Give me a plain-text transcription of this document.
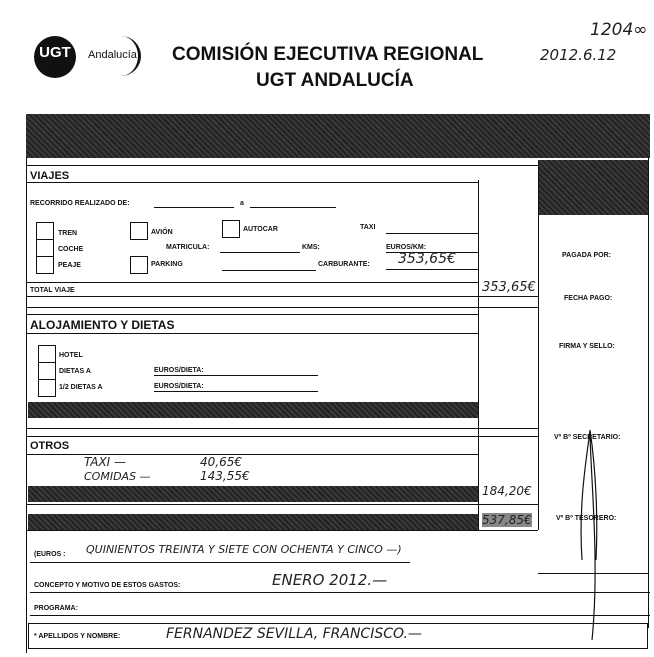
UGT	Andalucía COMISIÓN EJECUTIVA REGIONAL
UGT ANDALUCÍA
1204∞
2012.6.12
VIAJES
RECORRIDO REALIZADO DE:	a
TREN
COCHE
PEAJE
AVIÓN
PARKING
AUTOCAR	TAXI
MATRICULA:	KMS:	EUROS/KM:
CARBURANTE: 353,65€
TOTAL VIAJE	353,65€
ALOJAMIENTO Y DIETAS
HOTEL
DIETAS A
1/2 DIETAS A
EUROS/DIETA:
EUROS/DIETA:
OTROS
TAXI —	40,65€
COMIDAS —	143,55€
184,20€
537,85€
PAGADA POR:
FECHA PAGO:
FIRMA Y SELLO:
Vº Bº SECRETARIO:
Vº Bº TESORERO:
(EUROS : QUINIENTOS TREINTA Y SIETE CON OCHENTA Y CINCO —)
CONCEPTO Y MOTIVO DE ESTOS GASTOS:	ENERO 2012.—
PROGRAMA:
* APELLIDOS Y NOMBRE:	FERNANDEZ SEVILLA, FRANCISCO.—
